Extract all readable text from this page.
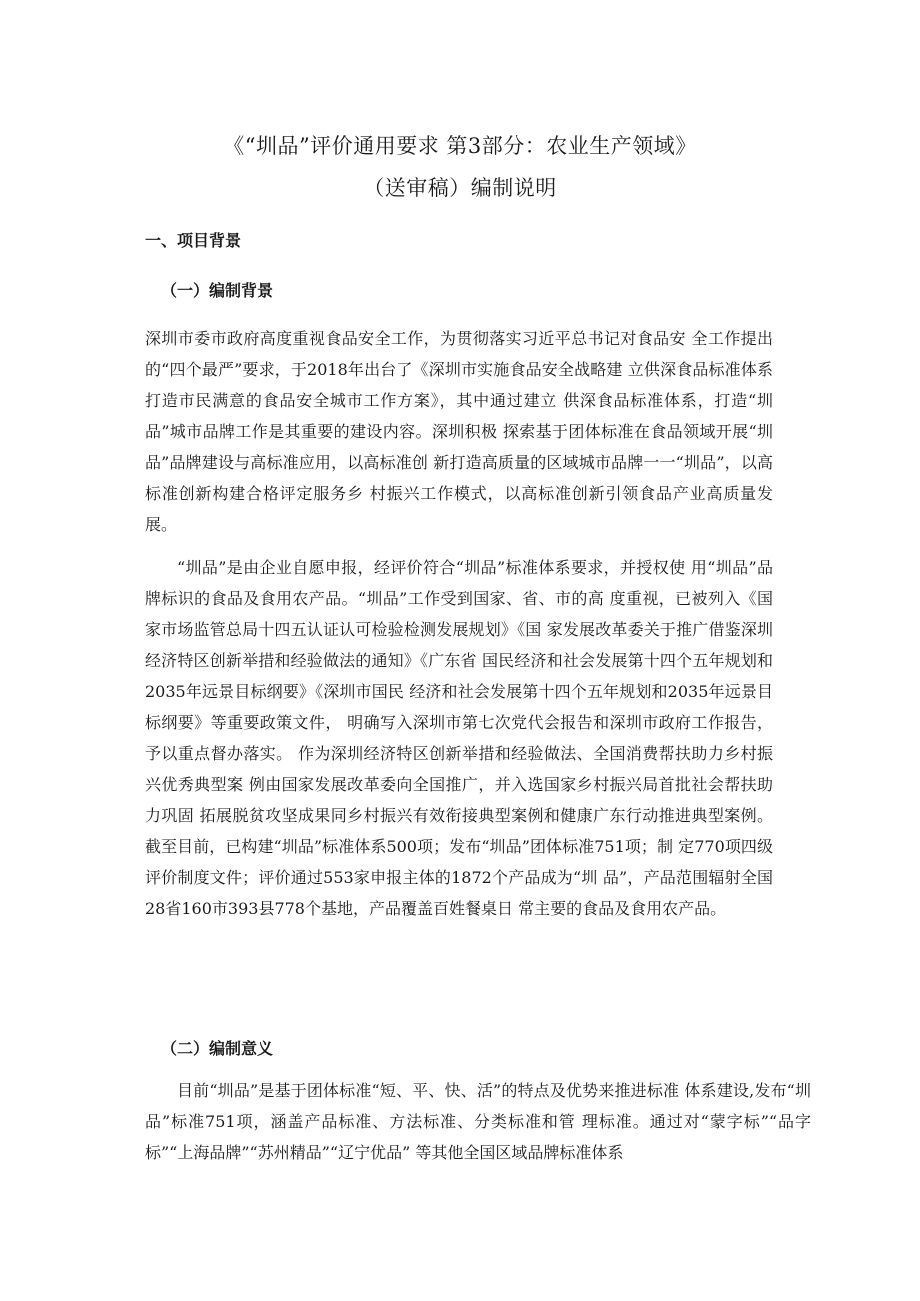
《“圳品”评价通用要求 第3部分：农业生产领域》
（送审稿）编制说明
一、项目背景
（一）编制背景
深圳市委市政府高度重视食品安全工作，为贯彻落实习近平总书记对食品安 全工作提出的“四个最严”要求，于2018年出台了《深圳市实施食品安全战略建 立供深食品标准体系 打造市民满意的食品安全城市工作方案》，其中通过建立 供深食品标准体系，打造“圳品”城市品牌工作是其重要的建设内容。深圳积极 探索基于团体标准在食品领域开展“圳品”品牌建设与高标准应用，以高标准创 新打造高质量的区域城市品牌一一“圳品”，以高标准创新构建合格评定服务乡 村振兴工作模式，以高标准创新引领食品产业高质量发展。
“圳品”是由企业自愿申报，经评价符合“圳品”标准体系要求，并授权使 用“圳品”品牌标识的食品及食用农产品。“圳品”工作受到国家、省、市的高 度重视，已被列入《国家市场监管总局十四五认证认可检验检测发展规划》《国 家发展改革委关于推广借鉴深圳经济特区创新举措和经验做法的通知》《广东省 国民经济和社会发展第十四个五年规划和2035年远景目标纲要》《深圳市国民 经济和社会发展第十四个五年规划和2035年远景目标纲要》等重要政策文件， 明确写入深圳市第七次党代会报告和深圳市政府工作报告，予以重点督办落实。 作为深圳经济特区创新举措和经验做法、全国消费帮扶助力乡村振兴优秀典型案 例由国家发展改革委向全国推广，并入选国家乡村振兴局首批社会帮扶助力巩固 拓展脱贫攻坚成果同乡村振兴有效衔接典型案例和健康广东行动推进典型案例。 截至目前，已构建“圳品”标准体系500项；发布“圳品”团体标准751项；制 定770项四级评价制度文件；评价通过553家申报主体的1872个产品成为“圳 品”，产品范围辐射全国28省160市393县778个基地，产品覆盖百姓餐桌日 常主要的食品及食用农产品。
（二）编制意义
目前“圳品”是基于团体标准“短、平、快、活”的特点及优势来推进标准 体系建设,发布“圳品”标准751项，涵盖产品标准、方法标准、分类标准和管 理标准。通过对“蒙字标”“品字标”“上海品牌”“苏州精品”“辽宁优品” 等其他全国区域品牌标准体系
